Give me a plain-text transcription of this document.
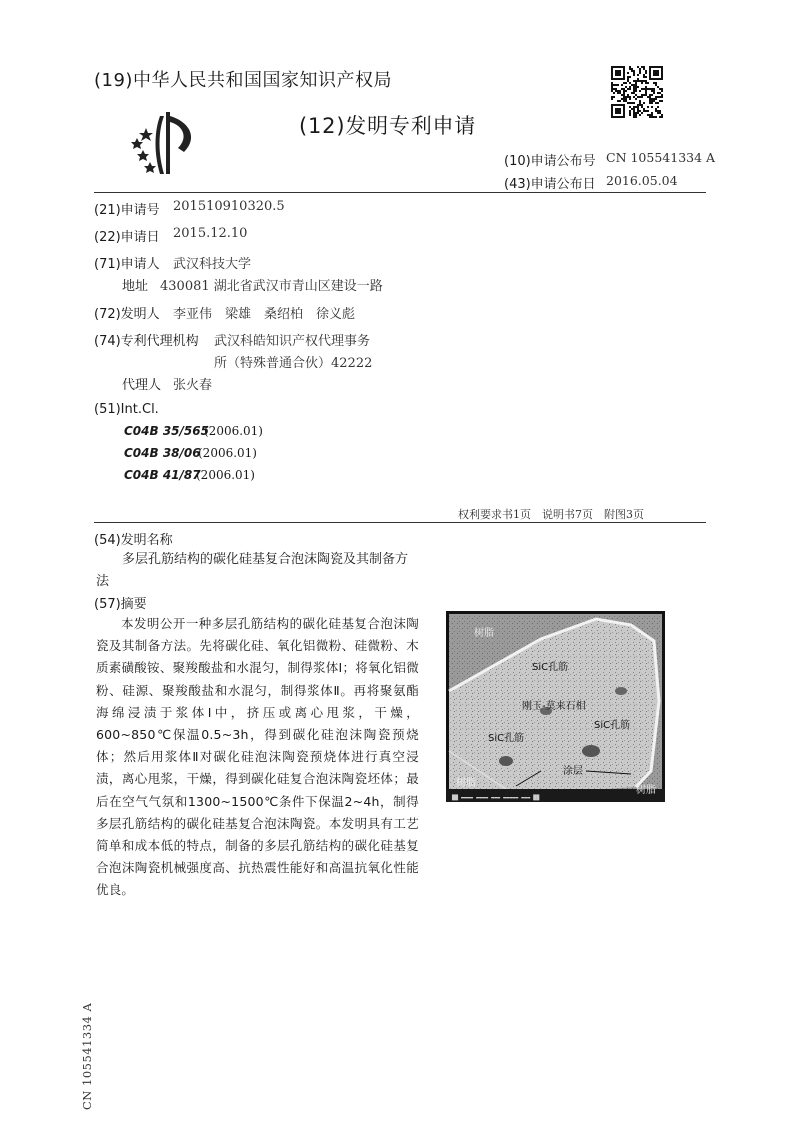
(19)中华人民共和国国家知识产权局
(12)发明专利申请
(10)申请公布号 CN 105541334 A
(43)申请公布日 2016.05.04
(21)申请号 201510910320.5
(22)申请日 2015.12.10
(71)申请人 武汉科技大学
地址 430081 湖北省武汉市青山区建设一路
(72)发明人 李亚伟　梁雄　桑绍柏　徐义彪
(74)专利代理机构 武汉科皓知识产权代理事务
所（特殊普通合伙）42222
代理人 张火春
(51)Int.Cl.
C04B 35/565
(2006.01)
C04B 38/06
(2006.01)
C04B 41/87
(2006.01)
权利要求书1页　说明书7页　附图3页
(54)发明名称
多层孔筋结构的碳化硅基复合泡沫陶瓷及其制备方法
(57)摘要
本发明公开一种多层孔筋结构的碳化硅基复合泡沫陶瓷及其制备方法。先将碳化硅、氧化铝微粉、硅微粉、木质素磺酸铵、聚羧酸盐和水混匀，制得浆体Ⅰ；将氧化铝微粉、硅源、聚羧酸盐和水混匀，制得浆体Ⅱ。再将聚氨酯海绵浸渍于浆体Ⅰ中，挤压或离心甩浆，干燥，600~850℃保温0.5~3h，得到碳化硅泡沫陶瓷预烧体；然后用浆体Ⅱ对碳化硅泡沫陶瓷预烧体进行真空浸渍，离心甩浆，干燥，得到碳化硅复合泡沫陶瓷坯体；最后在空气气氛和1300~1500℃条件下保温2~4h，制得多层孔筋结构的碳化硅基复合泡沫陶瓷。本发明具有工艺简单和成本低的特点，制备的多层孔筋结构的碳化硅基复合泡沫陶瓷机械强度高、抗热震性能好和高温抗氧化性能优良。
██ ▬▬▬▬ ▬▬▬▬ ▬▬▬ ▬▬▬▬▬ ▬▬▬ ██
树脂
SiC孔筋
刚玉-莫来石相
SiC孔筋
SiC孔筋
树脂
涂层
树脂
CN 105541334 A
